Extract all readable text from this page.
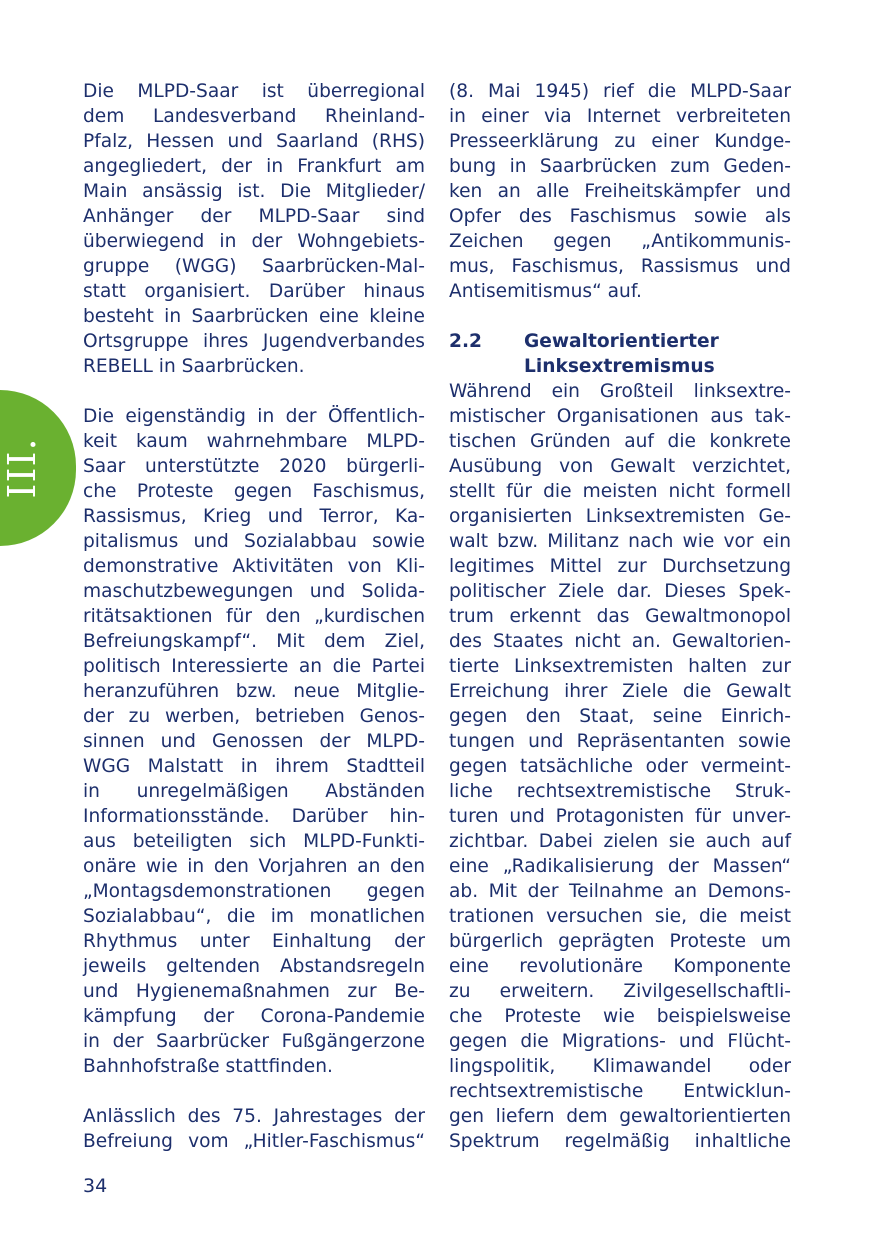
III.
Die MLPD-Saar ist überregional
dem Landesverband Rheinland-
Pfalz, Hessen und Saarland (RHS)
angegliedert, der in Frankfurt am
Main ansässig ist. Die Mitglieder/
Anhänger der MLPD-Saar sind
überwiegend in der Wohngebiets-
gruppe (WGG) Saarbrücken-Mal-
statt organisiert. Darüber hinaus
besteht in Saarbrücken eine kleine
Ortsgruppe ihres Jugendverbandes
REBELL in Saarbrücken.
Die eigenständig in der Öffentlich-
keit kaum wahrnehmbare MLPD-
Saar unterstützte 2020 bürgerli-
che Proteste gegen Faschismus,
Rassismus, Krieg und Terror, Ka-
pitalismus und Sozialabbau sowie
demonstrative Aktivitäten von Kli-
maschutzbewegungen und Solida-
ritätsaktionen für den „kurdischen
Befreiungskampf“. Mit dem Ziel,
politisch Interessierte an die Partei
heranzuführen bzw. neue Mitglie-
der zu werben, betrieben Genos-
sinnen und Genossen der MLPD-
WGG Malstatt in ihrem Stadtteil
in unregelmäßigen Abständen
Informationsstände. Darüber hin-
aus beteiligten sich MLPD-Funkti-
onäre wie in den Vorjahren an den
„Montagsdemonstrationen gegen
Sozialabbau“, die im monatlichen
Rhythmus unter Einhaltung der
jeweils geltenden Abstandsregeln
und Hygienemaßnahmen zur Be-
kämpfung der Corona-Pandemie
in der Saarbrücker Fußgängerzone
Bahnhofstraße stattfinden.
Anlässlich des 75. Jahrestages der
Befreiung vom „Hitler-Faschismus“
(8. Mai 1945) rief die MLPD-Saar
in einer via Internet verbreiteten
Presseerklärung zu einer Kundge-
bung in Saarbrücken zum Geden-
ken an alle Freiheitskämpfer und
Opfer des Faschismus sowie als
Zeichen gegen „Antikommunis-
mus, Faschismus, Rassismus und
Antisemitismus“ auf.
2.2 Gewaltorientierter
Linksextremismus
Während ein Großteil linksextre-
mistischer Organisationen aus tak-
tischen Gründen auf die konkrete
Ausübung von Gewalt verzichtet,
stellt für die meisten nicht formell
organisierten Linksextremisten Ge-
walt bzw. Militanz nach wie vor ein
legitimes Mittel zur Durchsetzung
politischer Ziele dar. Dieses Spek-
trum erkennt das Gewaltmonopol
des Staates nicht an. Gewaltorien-
tierte Linksextremisten halten zur
Erreichung ihrer Ziele die Gewalt
gegen den Staat, seine Einrich-
tungen und Repräsentanten sowie
gegen tatsächliche oder vermeint-
liche rechtsextremistische Struk-
turen und Protagonisten für unver-
zichtbar. Dabei zielen sie auch auf
eine „Radikalisierung der Massen“
ab. Mit der Teilnahme an Demons-
trationen versuchen sie, die meist
bürgerlich geprägten Proteste um
eine revolutionäre Komponente
zu erweitern. Zivilgesellschaftli-
che Proteste wie beispielsweise
gegen die Migrations- und Flücht-
lingspolitik, Klimawandel oder
rechtsextremistische Entwicklun-
gen liefern dem gewaltorientierten
Spektrum regelmäßig inhaltliche
34
